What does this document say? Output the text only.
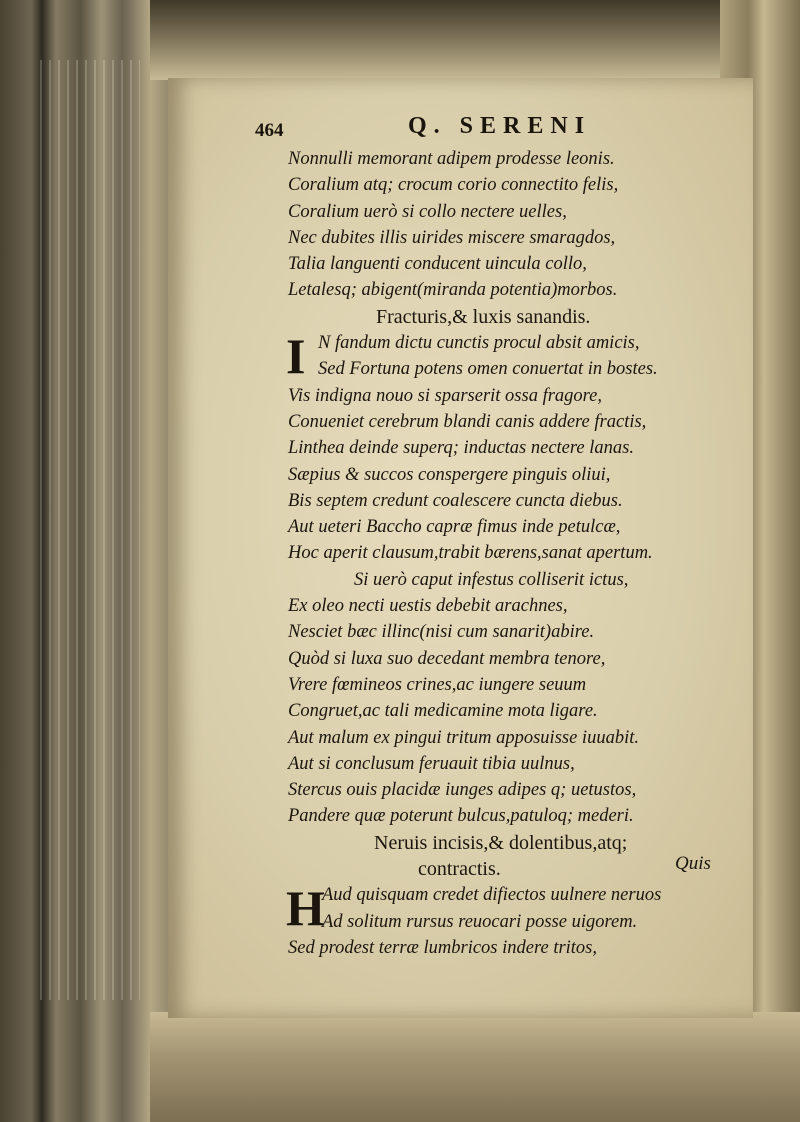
464	Q. SERENI
Nonnulli memorant adipem prodesse leonis.
Coralium atq; crocum corio connectito felis,
Coralium uerò si collo nectere uelles,
Nec dubites illis uirides miscere smaragdos,
Talia languenti conducent uincula collo,
Letalesq; abigent(miranda potentia)morbos.
Fracturis,& luxis sanandis.
I N fandum dictu cunctis procul absit amicis,
Sed Fortuna potens omen conuertat in bostes.
Vis indigna nouo si sparserit ossa fragore,
Conueniet cerebrum blandi canis addere fractis,
Linthea deinde superq; inductas nectere lanas.
Sæpius & succos conspergere pinguis oliui,
Bis septem credunt coalescere cuncta diebus.
Aut ueteri Baccho capræ fimus inde petulcæ,
Hoc aperit clausum,trabit bærens,sanat apertum.
Si uerò caput infestus colliserit ictus,
Ex oleo necti uestis debebit arachnes,
Nesciet bæc illinc(nisi cum sanarit)abire.
Quòd si luxa suo decedant membra tenore,
Vrere fœmineos crines,ac iungere seuum
Congruet,ac tali medicamine mota ligare.
Aut malum ex pingui tritum apposuisse iuuabit.
Aut si conclusum feruauit tibia uulnus,
Stercus ouis placidæ iunges adipes q; uetustos,
Pandere quæ poterunt bulcus,patuloq; mederi.
Neruis incisis,& dolentibus,atq;
contractis.
H
Aud quisquam credet difiectos uulnere neruos
Ad solitum rursus reuocari posse uigorem.
Sed prodest terræ lumbricos indere tritos,
Quis
